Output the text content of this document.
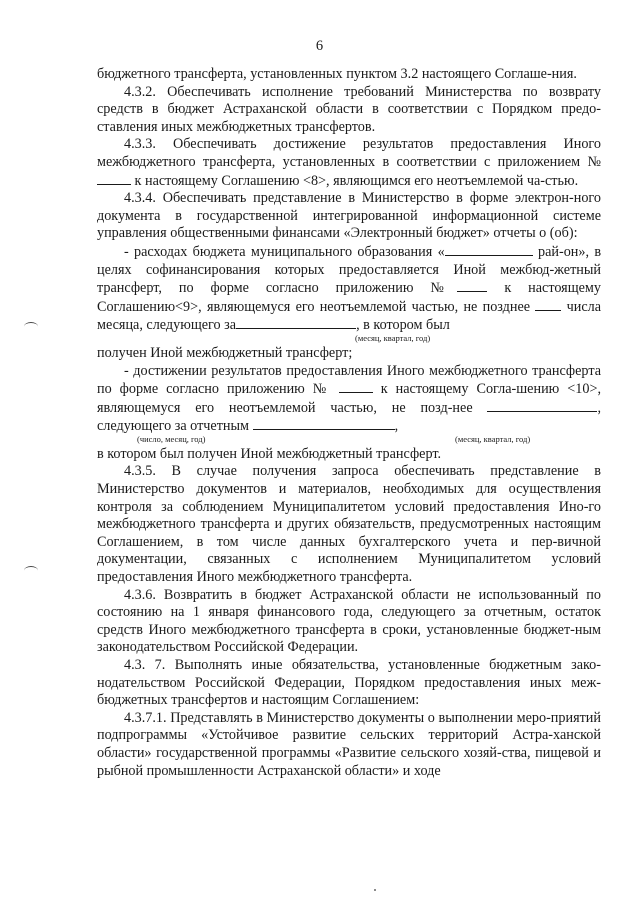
6

бюджетного трансферта, установленных пунктом 3.2 настоящего Соглаше-ния.

4.3.2. Обеспечивать исполнение требований Министерства по возврату средств в бюджет Астраханской области в соответствии с Порядком предо-ставления иных межбюджетных трансфертов.

4.3.3. Обеспечивать достижение результатов предоставления Иного межбюджетного трансферта, установленных в соответствии с приложением №  к настоящему Соглашению <8>, являющимся его неотъемлемой ча-стью.

4.3.4. Обеспечивать представление в Министерство в форме электрон-ного документа в государственной интегрированной информационной системе управления общественными финансами «Электронный бюджет» отчеты о (об):

- расходах бюджета муниципального образования «	рай-он», в целях софинансирования которых предоставляется Иной межбюд-жетный трансферт, по форме согласно приложению №	к настоящему Соглашению<9>, являющемуся его неотъемлемой частью, не позднее	числа месяца, следующего за	, в котором был

(месяц, квартал, год)

получен Иной межбюджетный трансферт;

- достижении результатов предоставления Иного межбюджетного трансферта по форме согласно приложению №	к настоящему Согла-шению <10>, являющемуся его неотъемлемой частью, не позд-нее	, следующего за отчетным	,

(число, месяц, год)	(месяц, квартал, год)

в котором был получен Иной межбюджетный трансферт.

4.3.5. В случае получения запроса обеспечивать представление в Министерство документов и материалов, необходимых для осуществления контроля за соблюдением Муниципалитетом условий предоставления Ино-го межбюджетного трансферта и других обязательств, предусмотренных настоящим Соглашением, в том числе данных бухгалтерского учета и пер-вичной документации, связанных с исполнением Муниципалитетом условий предоставления Иного межбюджетного трансферта.

4.3.6. Возвратить в бюджет Астраханской области не использованный по состоянию на 1 января финансового года, следующего за отчетным, остаток средств Иного межбюджетного трансферта в сроки, установленные бюджет-ным законодательством Российской Федерации.

4.3. 7. Выполнять иные обязательства, установленные бюджетным зако-нодательством Российской Федерации, Порядком предоставления иных меж-бюджетных трансфертов и настоящим Соглашением:

4.3.7.1. Представлять в Министерство документы о выполнении меро-приятий подпрограммы «Устойчивое развитие сельских территорий Астра-ханской области» государственной программы «Развитие сельского хозяй-ства, пищевой и рыбной промышленности Астраханской области» и ходе
